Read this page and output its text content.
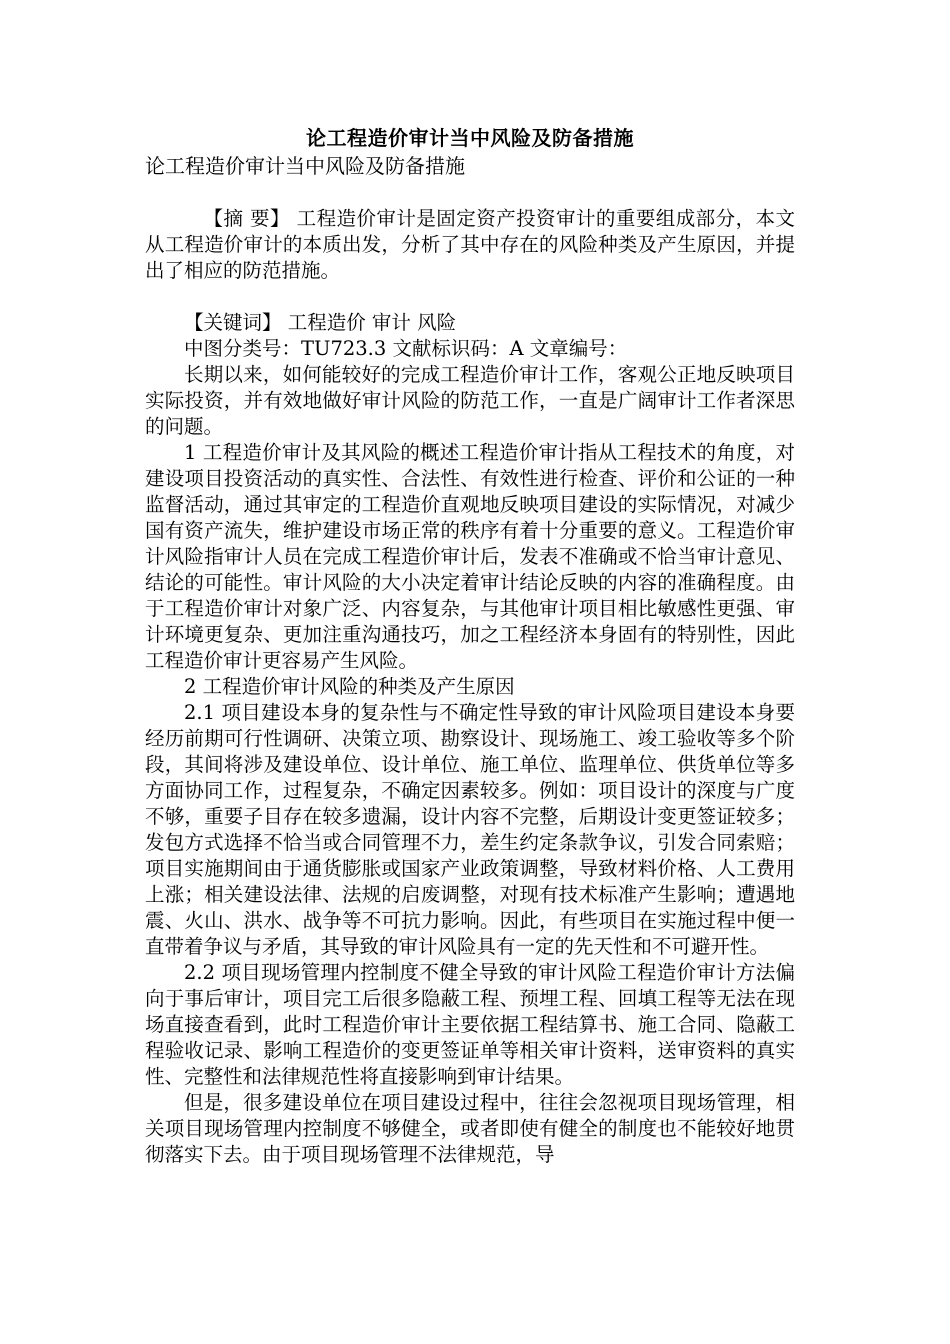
论工程造价审计当中风险及防备措施

论工程造价审计当中风险及防备措施

【摘 要】 工程造价审计是固定资产投资审计的重要组成部分，本文从工程造价审计的本质出发，分析了其中存在的风险种类及产生原因，并提出了相应的防范措施。

【关键词】 工程造价 审计 风险

中图分类号：TU723.3 文献标识码：A 文章编号：

长期以来，如何能较好的完成工程造价审计工作，客观公正地反映项目实际投资，并有效地做好审计风险的防范工作，一直是广阔审计工作者深思的问题。

1 工程造价审计及其风险的概述工程造价审计指从工程技术的角度，对建设项目投资活动的真实性、合法性、有效性进行检查、评价和公证的一种监督活动，通过其审定的工程造价直观地反映项目建设的实际情况，对减少国有资产流失，维护建设市场正常的秩序有着十分重要的意义。工程造价审计风险指审计人员在完成工程造价审计后，发表不准确或不恰当审计意见、结论的可能性。审计风险的大小决定着审计结论反映的内容的准确程度。由于工程造价审计对象广泛、内容复杂，与其他审计项目相比敏感性更强、审计环境更复杂、更加注重沟通技巧，加之工程经济本身固有的特别性，因此工程造价审计更容易产生风险。

2 工程造价审计风险的种类及产生原因

2.1 项目建设本身的复杂性与不确定性导致的审计风险项目建设本身要经历前期可行性调研、决策立项、勘察设计、现场施工、竣工验收等多个阶段，其间将涉及建设单位、设计单位、施工单位、监理单位、供货单位等多方面协同工作，过程复杂，不确定因素较多。例如：项目设计的深度与广度不够，重要子目存在较多遗漏，设计内容不完整，后期设计变更签证较多；发包方式选择不恰当或合同管理不力，差生约定条款争议，引发合同索赔；项目实施期间由于通货膨胀或国家产业政策调整，导致材料价格、人工费用上涨；相关建设法律、法规的启废调整，对现有技术标准产生影响；遭遇地震、火山、洪水、战争等不可抗力影响。因此，有些项目在实施过程中便一直带着争议与矛盾，其导致的审计风险具有一定的先天性和不可避开性。

2.2 项目现场管理内控制度不健全导致的审计风险工程造价审计方法偏向于事后审计，项目完工后很多隐蔽工程、预埋工程、回填工程等无法在现场直接查看到，此时工程造价审计主要依据工程结算书、施工合同、隐蔽工程验收记录、影响工程造价的变更签证单等相关审计资料，送审资料的真实性、完整性和法律规范性将直接影响到审计结果。

但是，很多建设单位在项目建设过程中，往往会忽视项目现场管理，相关项目现场管理内控制度不够健全，或者即使有健全的制度也不能较好地贯彻落实下去。由于项目现场管理不法律规范，导
